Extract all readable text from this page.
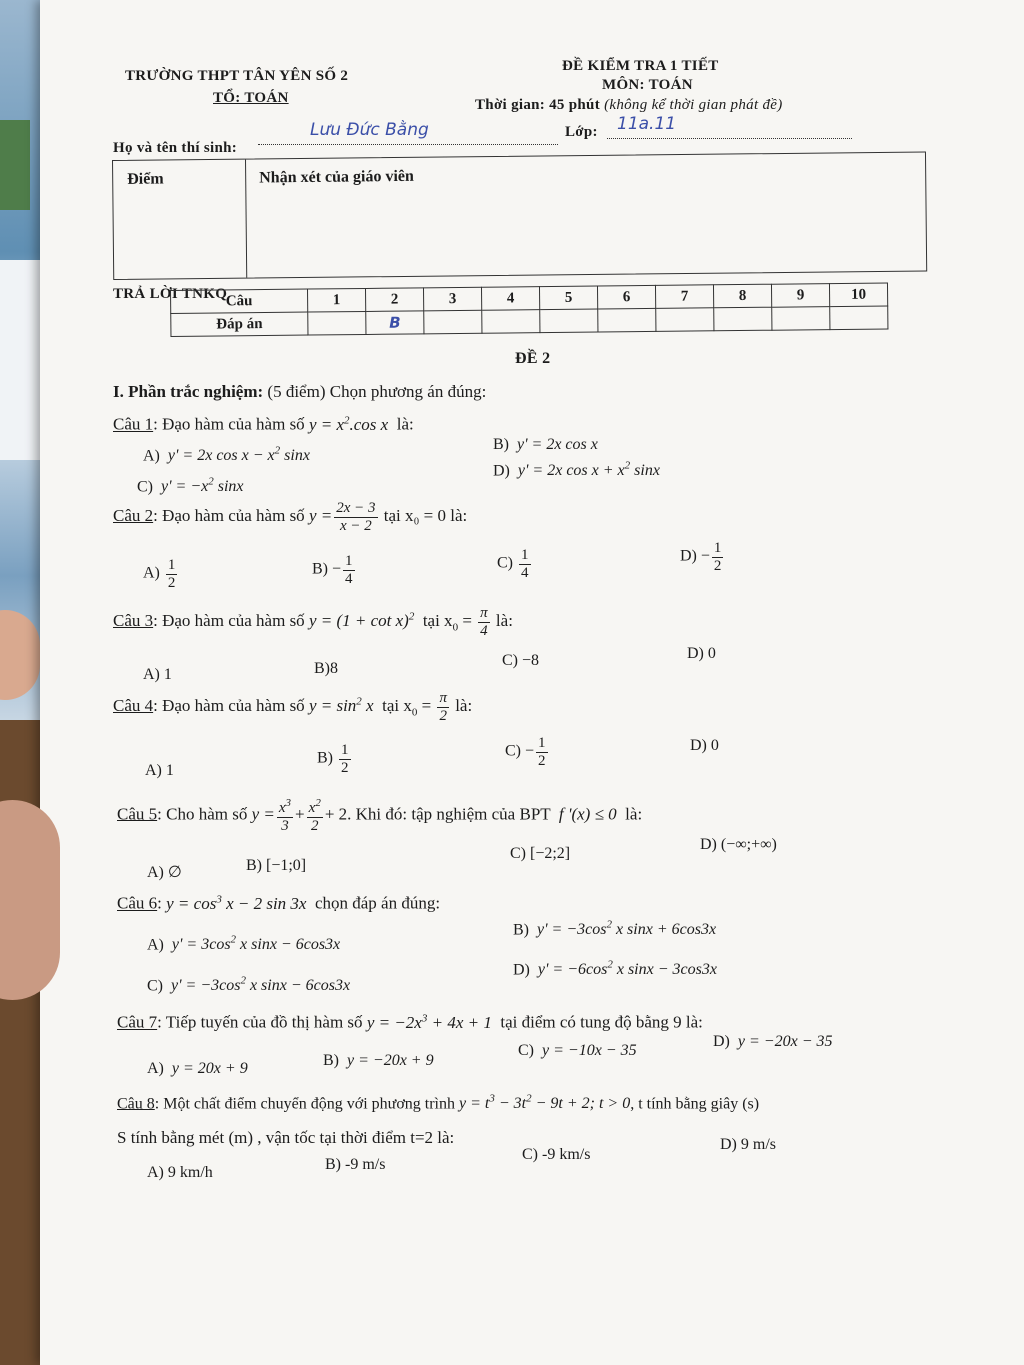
TRƯỜNG THPT TÂN YÊN SỐ 2
TỔ: TOÁN
ĐỀ KIỂM TRA 1 TIẾT
MÔN: TOÁN
Thời gian: 45 phút (không kể thời gian phát đề)
Họ và tên thí sinh:
Lưu Đức Bằng	Lớp: 11a.11
Điểm	Nhận xét của giáo viên
TRẢ LỜI TNKQ
Câu	1	2	3	4	5	6	7	8	9	10
Đáp án		B								
ĐỀ 2
I. Phần trắc nghiệm: (5 điểm) Chọn phương án đúng:
Câu 1: Đạo hàm của hàm số $y = x^2.\cos$ x là:
A)  y' = 2x $\cos x - x^2$ sinx
B)  y' = 2x cos x
C)  $y' = -x^2$ sinx
D)  y' = 2x $\cos x + x^2$ sinx
Câu 2: Đạo hàm của hàm số $y = \frac{2x - 3}{x - 2}$ tại x₀ = 0 là:
$A) \frac{1}{2}$	$B) - \frac{1}{4}$	$C) \frac{1}{4}$	$D) - \frac{1}{2}$
Câu 3: Đạo hàm của hàm số $y = (1 + \cot x)^2$  tại $x_0 = \frac{\pi}{4}$ là:
A) 1	B)8	C) −8	D) 0
Câu 4: Đạo hàm của hàm số $y = \sin^2 x$  tại $x_0 = \frac{\pi}{2}$ là:
A) 1
$B) \frac{1}{2}$	$C) - \frac{1}{2}$	D) 0
Câu 5: Cho hàm số $y = \frac{x^3}{3} + \frac{x^2}{2} + 2$. Khi đó: tập nghiệm của BPT f '(x) ≤ 0 là:
A) ∅	B) [−1;0]
C) [−2;2]
D) (−∞;+∞)
Câu 6: $y = \cos^3 x - 2$ sin 3x chọn đáp án đúng:
A)  $y' = 3\cos^2$ x sinx − 6cos3x
B)  $y' = -3\cos^2$ x sinx + 6cos3x
C)  $y' = -3\cos^2$ x sinx − 6cos3x
D)  $y' = -6\cos^2$ x sinx − 3cos3x
Câu 7: Tiếp tuyến của đồ thị hàm số $y = -2x^3 + 4x + 1$ tại điểm có tung độ bằng 9 là:
A)  y = 20x + 9	B)  y = −20x + 9
C)  y = −10x − 35
D)  y = −20x − 35
Câu 8: Một chất điểm chuyển động với phương trình $y = t^3 - 3t^2 - 9t + 2$; t > 0, t tính bằng giây (s)
S tính bằng mét (m) , vận tốc tại thời điểm t=2 là:
A) 9 km/h	B) -9 m/s
C) -9 km/s
D) 9 m/s
